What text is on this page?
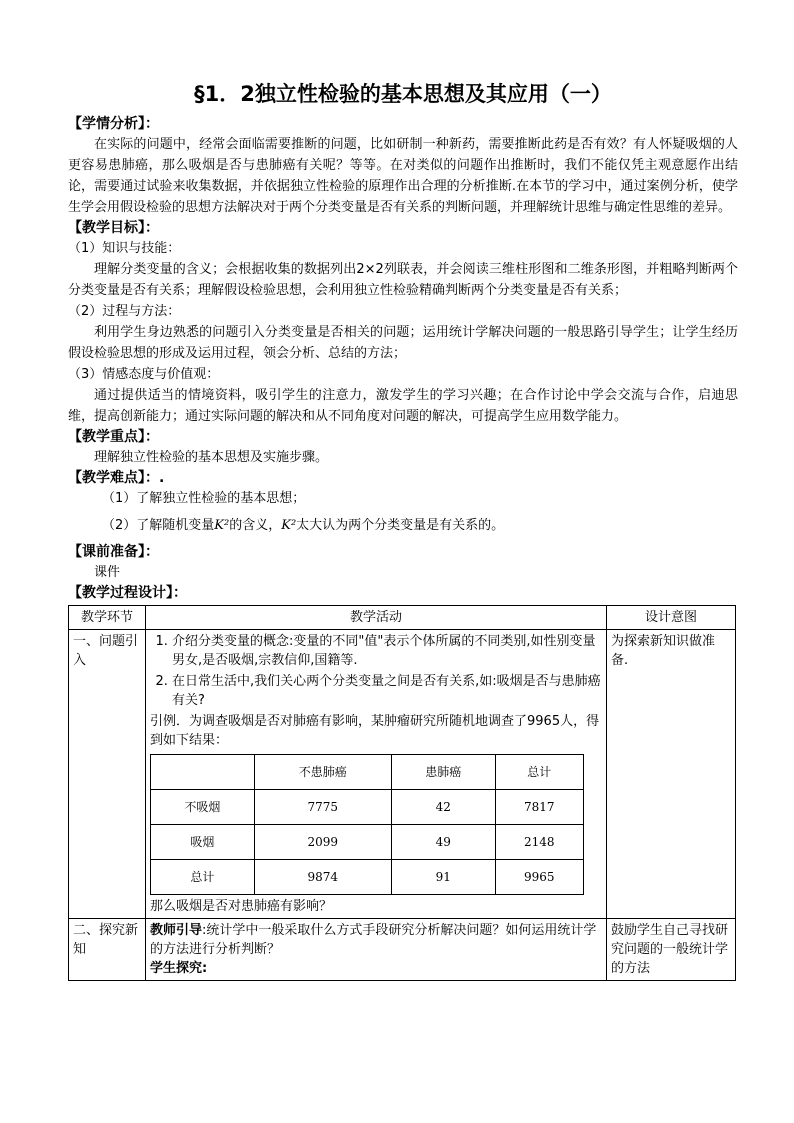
§1．2独立性检验的基本思想及其应用（一）

【学情分析】：

在实际的问题中，经常会面临需要推断的问题，比如研制一种新药，需要推断此药是否有效？有人怀疑吸烟的人更容易患肺癌，那么吸烟是否与患肺癌有关呢？等等。在对类似的问题作出推断时，我们不能仅凭主观意愿作出结论，需要通过试验来收集数据，并依据独立性检验的原理作出合理的分析推断.在本节的学习中，通过案例分析，使学生学会用假设检验的思想方法解决对于两个分类变量是否有关系的判断问题，并理解统计思维与确定性思维的差异。

【教学目标】：

（1）知识与技能：

理解分类变量的含义；会根据收集的数据列出2×2列联表，并会阅读三维柱形图和二维条形图，并粗略判断两个分类变量是否有关系；理解假设检验思想，会利用独立性检验精确判断两个分类变量是否有关系；

（2）过程与方法：

利用学生身边熟悉的问题引入分类变量是否相关的问题；运用统计学解决问题的一般思路引导学生；让学生经历假设检验思想的形成及运用过程，领会分析、总结的方法；

（3）情感态度与价值观：

通过提供适当的情境资料，吸引学生的注意力，激发学生的学习兴趣；在合作讨论中学会交流与合作，启迪思维，提高创新能力；通过实际问题的解决和从不同角度对问题的解决，可提高学生应用数学能力。

【教学重点】：

理解独立性检验的基本思想及实施步骤。

【教学难点】：.

（1）了解独立性检验的基本思想；

（2）了解随机变量K²的含义，K²太大认为两个分类变量是有关系的。

【课前准备】：

课件

【教学过程设计】：

教学环节	教学活动	设计意图
一、问题引入	
1. 介绍分类变量的概念:变量的不同"值"表示个体所属的不同类别,如性别变量男女,是否吸烟,宗教信仰,国籍等.
2. 在日常生活中,我们关心两个分类变量之间是否有关系,如:吸烟是否与患肺癌有关?
引例．为调查吸烟是否对肺癌有影响，某肿瘤研究所随机地调查了9965人，得到如下结果：
	不患肺癌	患肺癌	总计
不吸烟	7775	42	7817
吸烟	2099	49	2148
总计	9874	91	9965
那么吸烟是否对患肺癌有影响？
	为探索新知识做准备.
二、探究新知	
教师引导:统计学中一般采取什么方式手段研究分析解决问题？如何运用统计学的方法进行分析判断？
学生探究:
	鼓励学生自己寻找研究问题的一般统计学的方法
